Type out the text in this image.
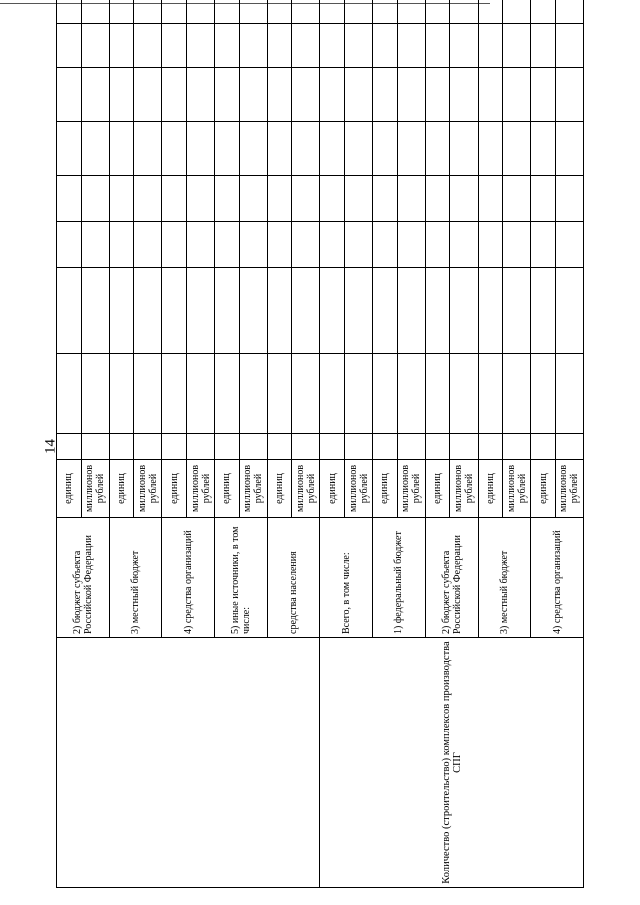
14
	2) бюджет субъекта Российской Федерации	единиц										
		миллионов рублей										
	3) местный бюджет	единиц										
		миллионов рублей										
	4) средства организаций	единиц										
		миллионов рублей										
	5) иные источники, в том числе:	единиц										
		миллионов рублей										
	средства населения	единиц										
		миллионов рублей										
Количество (строительство) комплексов производства СПГ	Всего, в том числе:	единиц										
		миллионов рублей										
	1) федеральный бюджет	единиц										
		миллионов рублей										
	2) бюджет субъекта Российской Федерации	единиц										
		миллионов рублей										
	3) местный бюджет	единиц										
		миллионов рублей										
	4) средства организаций	единиц										
		миллионов рублей										
